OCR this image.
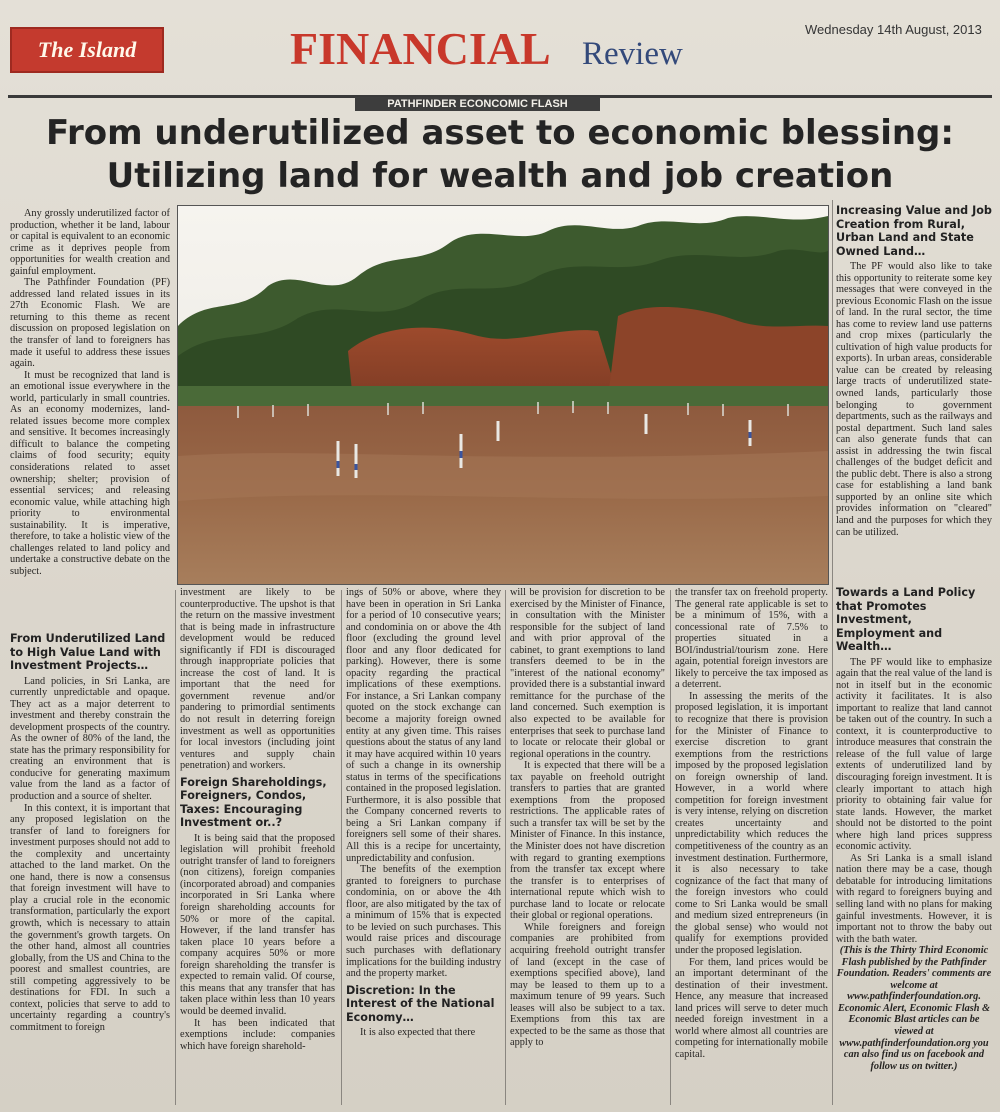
The Island	FINANCIAL Review
Wednesday 14th August, 2013
PATHFINDER ECONCOMIC FLASH
From underutilized asset to economic blessing:
Utilizing land for wealth and job creation

Any grossly underutilized factor of production, whether it be land, labour or capital is equivalent to an economic crime as it deprives people from opportunities for wealth creation and gainful employment.

The Pathfinder Foundation (PF) addressed land related issues in its 27th Economic Flash. We are returning to this theme as recent discussion on proposed legislation on the transfer of land to foreigners has made it useful to address these issues again.

It must be recognized that land is an emotional issue everywhere in the world, particularly in small countries. As an economy modernizes, land-related issues become more complex and sensitive. It becomes increasingly difficult to balance the competing claims of food security; equity considerations related to asset ownership; shelter; provision of essential services; and releasing economic value, while attaching high priority to environmental sustainability. It is imperative, therefore, to take a holistic view of the challenges related to land policy and undertake a constructive debate on the subject.

From Underutilized Land to High Value Land with Investment Projects…

Land policies, in Sri Lanka, are currently unpredictable and opaque. They act as a major deterrent to investment and thereby constrain the development prospects of the country. As the owner of 80% of the land, the state has the primary responsibility for creating an environment that is conducive for generating maximum value from the land as a factor of production and a source of shelter.

In this context, it is important that any proposed legislation on the transfer of land to foreigners for investment purposes should not add to the complexity and uncertainty attached to the land market. On the one hand, there is now a consensus that foreign investment will have to play a crucial role in the economic transformation, particularly the export growth, which is necessary to attain the government's growth targets. On the other hand, almost all countries globally, from the US and China to the poorest and smallest countries, are still competing aggressively to be destinations for FDI. In such a context, policies that serve to add to uncertainty regarding a country's commitment to foreign

investment are likely to be counterproductive. The upshot is that the return on the massive investment that is being made in infrastructure development would be reduced significantly if FDI is discouraged through inappropriate policies that increase the cost of land. It is important that the need for government revenue and/or pandering to primordial sentiments do not result in deterring foreign investment as well as opportunities for local investors (including joint ventures and supply chain penetration) and workers.

Foreign Shareholdings, Foreigners, Condos, Taxes: Encouraging Investment or..?

It is being said that the proposed legislation will prohibit freehold outright transfer of land to foreigners (non citizens), foreign companies (incorporated abroad) and companies incorporated in Sri Lanka where foreign shareholding accounts for 50% or more of the capital. However, if the land transfer has taken place 10 years before a company acquires 50% or more foreign shareholding the transfer is expected to remain valid. Of course, this means that any transfer that has taken place within less than 10 years would be deemed invalid.

It has been indicated that exemptions include: companies which have foreign sharehold-

ings of 50% or above, where they have been in operation in Sri Lanka for a period of 10 consecutive years; and condominia on or above the 4th floor (excluding the ground level floor and any floor dedicated for parking). However, there is some opacity regarding the practical implications of these exemptions. For instance, a Sri Lankan company quoted on the stock exchange can become a majority foreign owned entity at any given time. This raises questions about the status of any land it may have acquired within 10 years of such a change in its ownership status in terms of the specifications contained in the proposed legislation. Furthermore, it is also possible that the Company concerned reverts to being a Sri Lankan company if foreigners sell some of their shares. All this is a recipe for uncertainty, unpredictability and confusion.

The benefits of the exemption granted to foreigners to purchase condominia, on or above the 4th floor, are also mitigated by the tax of a minimum of 15% that is expected to be levied on such purchases. This would raise prices and discourage such purchases with deflationary implications for the building industry and the property market.

Discretion: In the Interest of the National Economy…

It is also expected that there

will be provision for discretion to be exercised by the Minister of Finance, in consultation with the Minister responsible for the subject of land and with prior approval of the cabinet, to grant exemptions to land transfers deemed to be in the "interest of the national economy" provided there is a substantial inward remittance for the purchase of the land concerned. Such exemption is also expected to be available for enterprises that seek to purchase land to locate or relocate their global or regional operations in the country.

It is expected that there will be a tax payable on freehold outright transfers to parties that are granted exemptions from the proposed restrictions. The applicable rates of such a transfer tax will be set by the Minister of Finance. In this instance, the Minister does not have discretion with regard to granting exemptions from the transfer tax except where the transfer is to enterprises of international repute which wish to purchase land to locate or relocate their global or regional operations.

While foreigners and foreign companies are prohibited from acquiring freehold outright transfer of land (except in the case of exemptions specified above), land may be leased to them up to a maximum tenure of 99 years. Such leases will also be subject to a tax. Exemptions from this tax are expected to be the same as those that apply to

the transfer tax on freehold property. The general rate applicable is set to be a minimum of 15%, with a concessional rate of 7.5% to properties situated in a BOI/industrial/tourism zone. Here again, potential foreign investors are likely to perceive the tax imposed as a deterrent.

In assessing the merits of the proposed legislation, it is important to recognize that there is provision for the Minister of Finance to exercise discretion to grant exemptions from the restrictions imposed by the proposed legislation on foreign ownership of land. However, in a world where competition for foreign investment is very intense, relying on discretion creates uncertainty and unpredictability which reduces the competitiveness of the country as an investment destination. Furthermore, it is also necessary to take cognizance of the fact that many of the foreign investors who could come to Sri Lanka would be small and medium sized entrepreneurs (in the global sense) who would not qualify for exemptions provided under the proposed legislation.

For them, land prices would be an important determinant of the destination of their investment. Hence, any measure that increased land prices will serve to deter much needed foreign investment in a world where almost all countries are competing for internationally mobile capital.

Increasing Value and Job Creation from Rural, Urban Land and State Owned Land…

The PF would also like to take this opportunity to reiterate some key messages that were conveyed in the previous Economic Flash on the issue of land. In the rural sector, the time has come to review land use patterns and crop mixes (particularly the cultivation of high value products for exports). In urban areas, considerable value can be created by releasing large tracts of underutilized state-owned lands, particularly those belonging to government departments, such as the railways and postal department. Such land sales can also generate funds that can assist in addressing the twin fiscal challenges of the budget deficit and the public debt. There is also a strong case for establishing a land bank supported by an online site which provides information on "cleared" land and the purposes for which they can be utilized.

Towards a Land Policy that Promotes Investment, Employment and Wealth…

The PF would like to emphasize again that the real value of the land is not in itself but in the economic activity it facilitates. It is also important to realize that land cannot be taken out of the country. In such a context, it is counterproductive to introduce measures that constrain the release of the full value of large extents of underutilized land by discouraging foreign investment. It is clearly important to attach high priority to obtaining fair value for state lands. However, the market should not be distorted to the point where high land prices suppress economic activity.

As Sri Lanka is a small island nation there may be a case, though debatable for introducing limitations with regard to foreigners buying and selling land with no plans for making gainful investments. However, it is important not to throw the baby out with the bath water.

(This is the Thirty Third Economic Flash published by the Pathfinder Foundation. Readers' comments are welcome at www.pathfinderfoundation.org. Economic Alert, Economic Flash & Economic Blast articles can be viewed at www.pathfinderfoundation.org you can also find us on facebook and follow us on twitter.)
